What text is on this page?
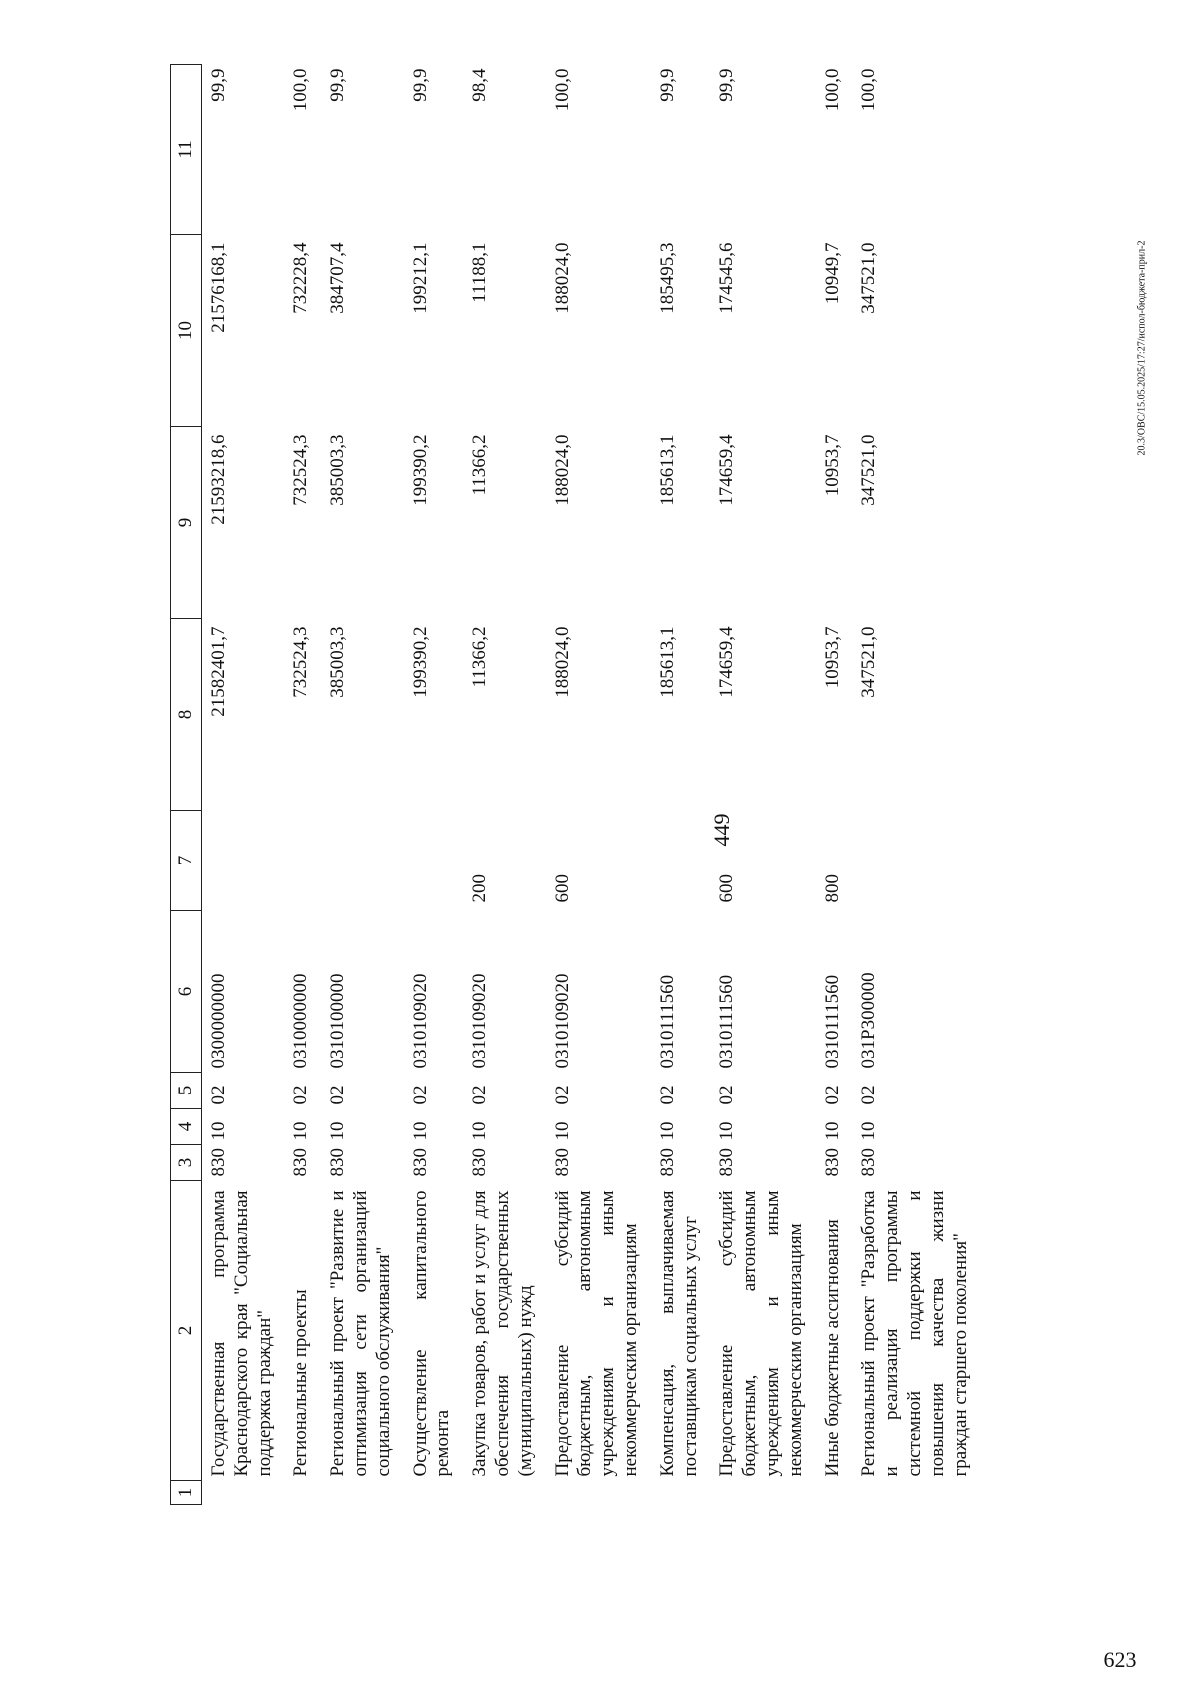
449
1	2	3	4	5	6	7	8	9	10	11
	Государственная программа Краснодарского края "Социальная поддержка граждан"	830	10	02	0300000000		21582401,7	21593218,6	21576168,1	99,9
	Региональные проекты	830	10	02	0310000000		732524,3	732524,3	732228,4	100,0
	Региональный проект "Развитие и оптимизация сети организаций социального обслуживания"	830	10	02	0310100000		385003,3	385003,3	384707,4	99,9
	Осуществление капитального ремонта	830	10	02	0310109020		199390,2	199390,2	199212,1	99,9
	Закупка товаров, работ и услуг для обеспечения государственных (муниципальных) нужд	830	10	02	0310109020	200	11366,2	11366,2	11188,1	98,4
	Предоставление субсидий бюджетным, автономным учреждениям и иным некоммерческим организациям	830	10	02	0310109020	600	188024,0	188024,0	188024,0	100,0
	Компенсация, выплачиваемая поставщикам социальных услуг	830	10	02	0310111560		185613,1	185613,1	185495,3	99,9
	Предоставление субсидий бюджетным, автономным учреждениям и иным некоммерческим организациям	830	10	02	0310111560	600	174659,4	174659,4	174545,6	99,9
	Иные бюджетные ассигнования	830	10	02	0310111560	800	10953,7	10953,7	10949,7	100,0
	Региональный проект "Разработка и реализация программы системной поддержки и повышения качества жизни граждан старшего поколения"	830	10	02	031P300000		347521,0	347521,0	347521,0	100,0
20.3/ОВС/15.05.2025/17:27/испол-бюджета-прил-2
623
